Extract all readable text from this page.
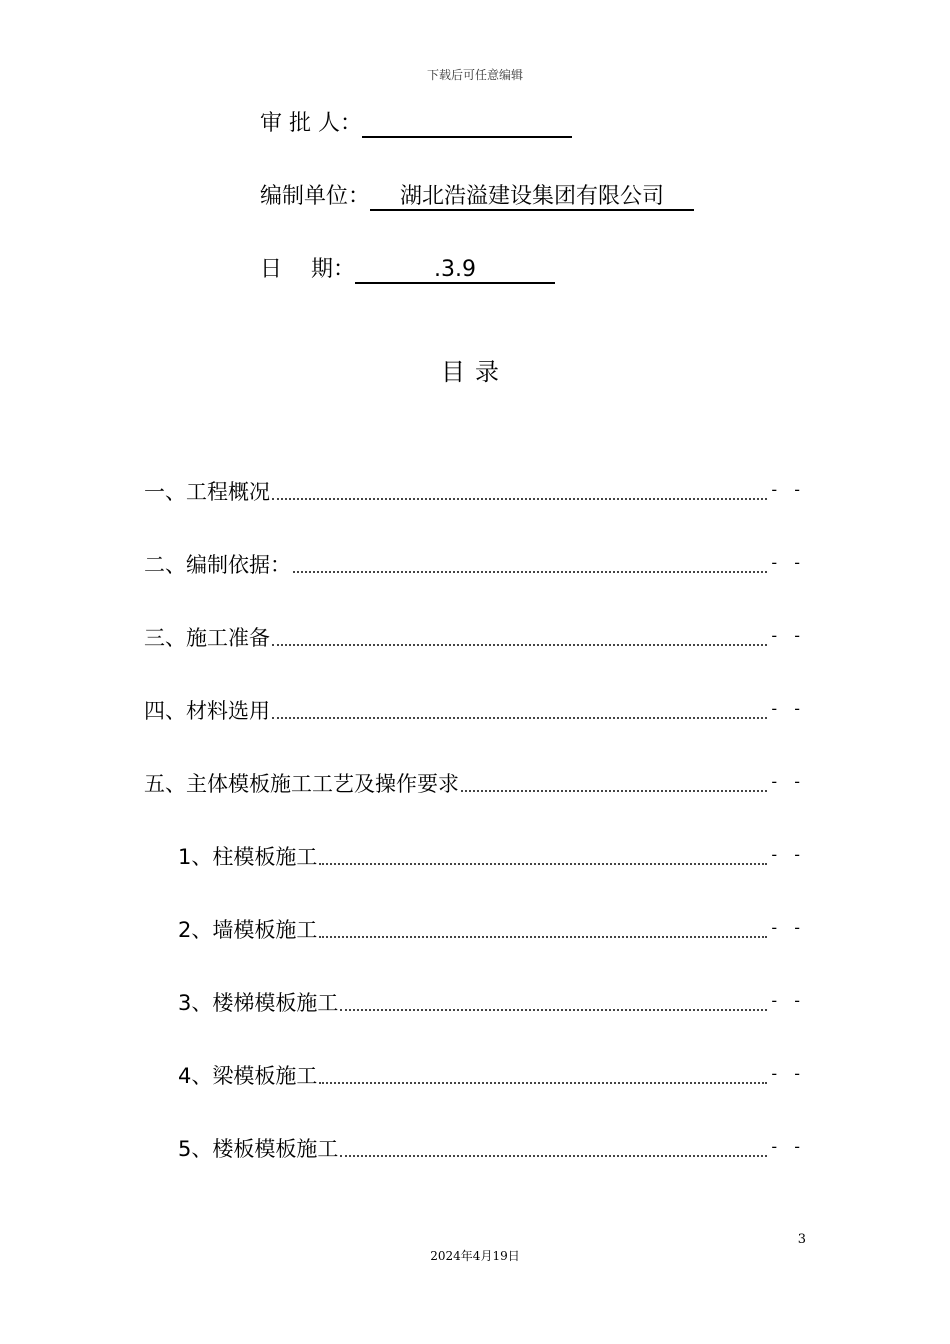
下载后可任意编辑
审 批 人：
编制单位： 湖北浩溢建设集团有限公司
日　 期：	.3.9
目录
一、工程概况	- -
二、编制依据：	- -
三、施工准备	- -
四、材料选用	- -
五、主体模板施工工艺及操作要求	- -
1、柱模板施工	- -
2、墙模板施工	- -
3、楼梯模板施工	- -
4、梁模板施工	- -
5、楼板模板施工	- -
3
2024年4月19日
